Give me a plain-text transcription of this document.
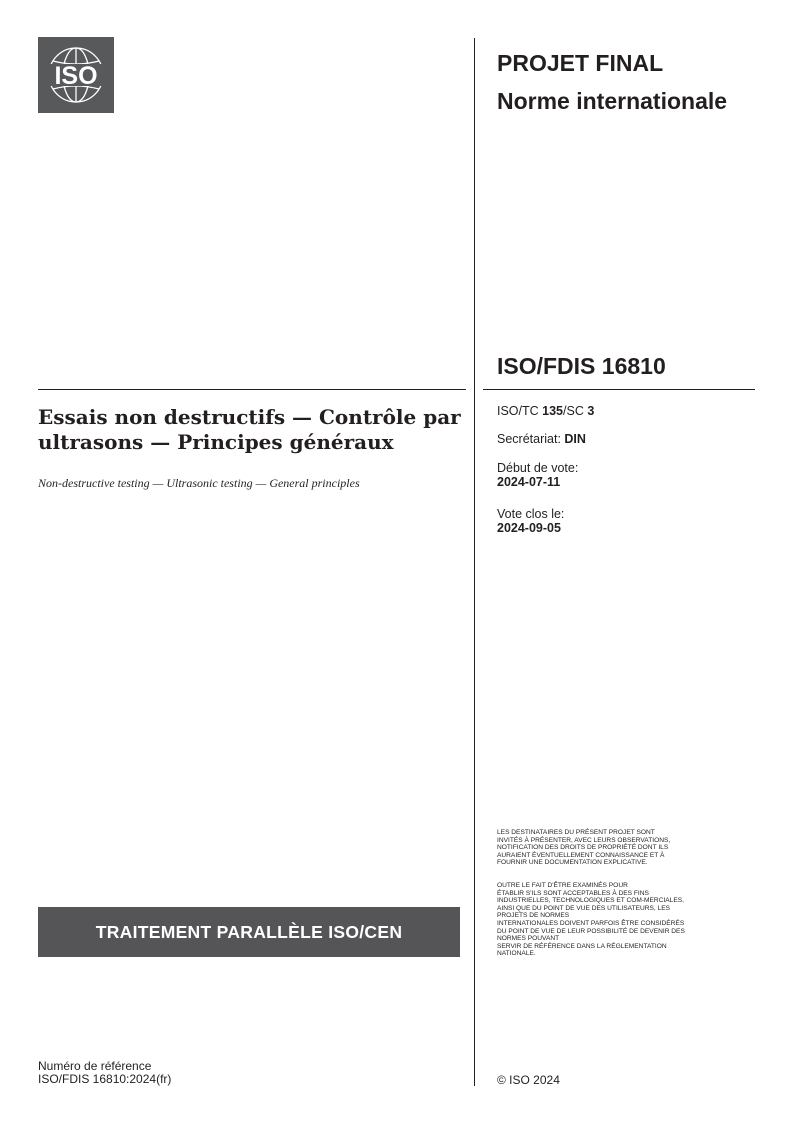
ISO	PROJET FINAL
Norme internationale
ISO/FDIS 16810
Essais non destructifs — Contrôle par ultrasons — Principes généraux
Non-destructive testing — Ultrasonic testing — General principles
ISO/TC 135/SC 3
Secrétariat: DIN
Début de vote:
2024-07-11
Vote clos le:
2024-09-05
LES DESTINATAIRES DU PRÉSENT PROJET SONT
INVITÉS À PRÉSENTER, AVEC LEURS OBSERVATIONS,
NOTIFICATION DES DROITS DE PROPRIÉTÉ DONT ILS
AURAIENT ÉVENTUELLEMENT CONNAISSANCE ET À
FOURNIR UNE DOCUMENTATION EXPLICATIVE.
OUTRE LE FAIT D'ÊTRE EXAMINÉS POUR
ÉTABLIR S'ILS SONT ACCEPTABLES À DES FINS
INDUSTRIELLES, TECHNOLOGIQUES ET COM-MERCIALES,
AINSI QUE DU POINT DE VUE DES UTILISATEURS, LES
PROJETS DE NORMES
INTERNATIONALES DOIVENT PARFOIS ÊTRE CONSIDÉRÉS
DU POINT DE VUE DE LEUR POSSIBILITÉ DE DEVENIR DES
NORMES POUVANT
SERVIR DE RÉFÉRENCE DANS LA RÉGLEMENTATION
NATIONALE.
TRAITEMENT PARALLÈLE ISO/CEN
Numéro de référence
ISO/FDIS 16810:2024(fr)	© ISO 2024
